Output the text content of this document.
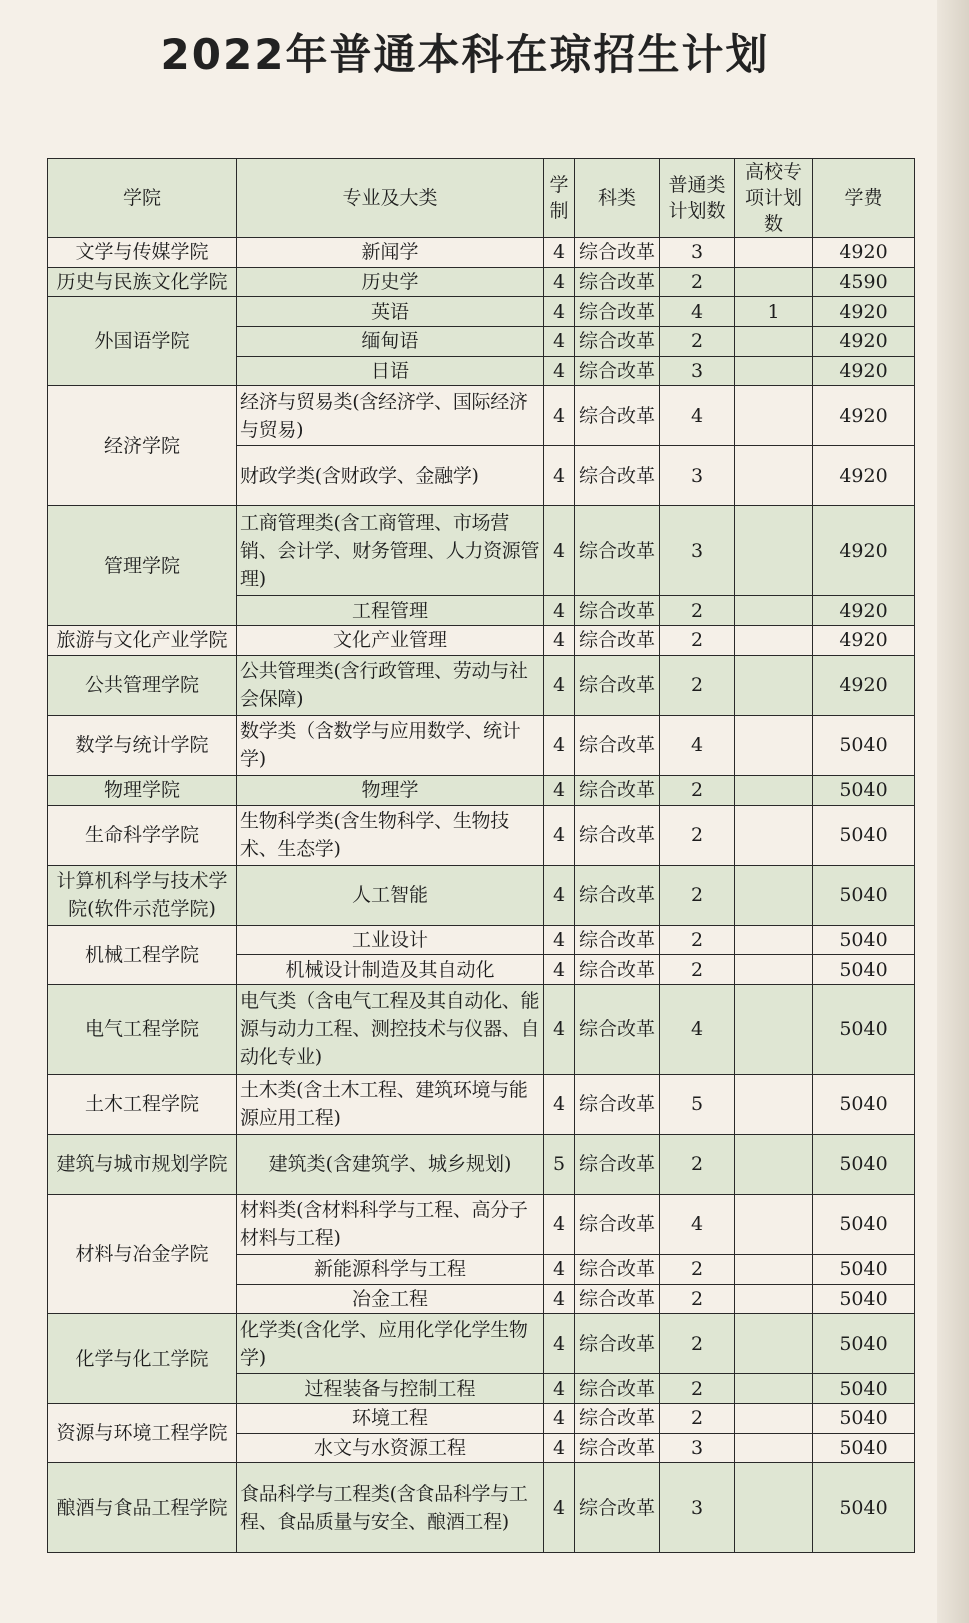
2022年普通本科在琼招生计划
学院	专业及大类	学制	科类	普通类计划数	高校专项计划数	学费
文学与传媒学院	新闻学	4	综合改革	3		4920
历史与民族文化学院	历史学	4	综合改革	2		4590
外国语学院	英语	4	综合改革	4	1	4920
	缅甸语	4	综合改革	2		4920
	日语	4	综合改革	3		4920
经济学院	经济与贸易类(含经济学、国际经济与贸易)	4	综合改革	4		4920
	财政学类(含财政学、金融学)	4	综合改革	3		4920
管理学院	工商管理类(含工商管理、市场营销、会计学、财务管理、人力资源管理)	4	综合改革	3		4920
	工程管理	4	综合改革	2		4920
旅游与文化产业学院	文化产业管理	4	综合改革	2		4920
公共管理学院	公共管理类(含行政管理、劳动与社会保障)	4	综合改革	2		4920
数学与统计学院	数学类（含数学与应用数学、统计学)	4	综合改革	4		5040
物理学院	物理学	4	综合改革	2		5040
生命科学学院	生物科学类(含生物科学、生物技术、生态学)	4	综合改革	2		5040
计算机科学与技术学院(软件示范学院)	人工智能	4	综合改革	2		5040
机械工程学院	工业设计	4	综合改革	2		5040
	机械设计制造及其自动化	4	综合改革	2		5040
电气工程学院	电气类（含电气工程及其自动化、能源与动力工程、测控技术与仪器、自动化专业)	4	综合改革	4		5040
土木工程学院	土木类(含土木工程、建筑环境与能源应用工程)	4	综合改革	5		5040
建筑与城市规划学院	建筑类(含建筑学、城乡规划)	5	综合改革	2		5040
材料与冶金学院	材料类(含材料科学与工程、高分子材料与工程)	4	综合改革	4		5040
	新能源科学与工程	4	综合改革	2		5040
	冶金工程	4	综合改革	2		5040
化学与化工学院	化学类(含化学、应用化学化学生物学)	4	综合改革	2		5040
	过程装备与控制工程	4	综合改革	2		5040
资源与环境工程学院	环境工程	4	综合改革	2		5040
	水文与水资源工程	4	综合改革	3		5040
酿酒与食品工程学院	食品科学与工程类(含食品科学与工程、食品质量与安全、酿酒工程)	4	综合改革	3		5040
